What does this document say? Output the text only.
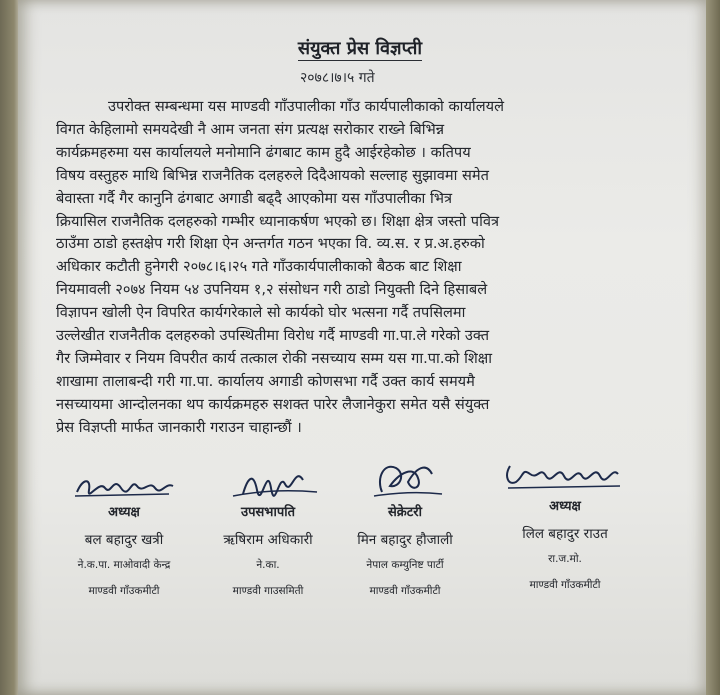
संयुक्त प्रेस विज्ञप्ती
२०७८।७।५ गते
उपरोक्त सम्बन्धमा यस माण्डवी गाँउपालीका गाँउ कार्यपालीकाको कार्यालयले
विगत केहिलामो समयदेखी नै आम जनता संग प्रत्यक्ष सरोकार राख्ने बिभिन्न
कार्यक्रमहरुमा यस कार्यालयले मनोमानि ढंगबाट काम हुदै आईरहेकोछ । कतिपय
विषय वस्तुहरु माथि बिभिन्न राजनैतिक दलहरुले दिदैआयको सल्लाह सुझावमा समेत
बेवास्ता गर्दै गैर कानुनि ढंगबाट अगाडी बढ्दै आएकोमा यस गाँउपालीका भित्र
क्रियासिल राजनैतिक दलहरुको गम्भीर ध्यानाकर्षण भएको छ। शिक्षा क्षेत्र जस्तो पवित्र
ठाउँमा ठाडो हस्तक्षेप गरी शिक्षा ऐन अन्तर्गत गठन भएका वि. व्य.स. र प्र.अ.हरुको
अधिकार कटौती हुनेगरी २०७८।६।२५ गते गाँउकार्यपालीकाको बैठक बाट शिक्षा
नियमावली २०७४ नियम ५४ उपनियम १,२ संसोधन गरी ठाडो नियुक्ती दिने हिसाबले
विज्ञापन खोली ऐन विपरित कार्यगरेकाले सो कार्यको घोर भत्सना गर्दै तपसिलमा
उल्लेखीत राजनैतीक दलहरुको उपस्थितीमा विरोध गर्दै माण्डवी गा.पा.ले गरेको उक्त
गैर जिम्मेवार र नियम विपरीत कार्य तत्काल रोकी नसच्याय सम्म यस गा.पा.को शिक्षा
शाखामा तालाबन्दी गरी गा.पा. कार्यालय अगाडी कोणसभा गर्दै उक्त कार्य समयमै
नसच्यायमा आन्दोलनका थप कार्यक्रमहरु सशक्त पारेर लैजानेकुरा समेत यसै संयुक्त
प्रेस विज्ञप्ती मार्फत जानकारी गराउन चाहान्छौं ।
अध्यक्ष
बल बहादुर खत्री
ने.क.पा. माओवादी केन्द्र
माण्डवी गाँउकमीटी
उपसभापति
ऋषिराम अधिकारी
ने.का.
माण्डवी गाउसमिती
सेक्रेटरी
मिन बहादुर हौजाली
नेपाल कम्युनिष्ट पार्टी
माण्डवी गाँउकमीटी
अध्यक्ष
लिल बहादुर राउत
रा.ज.मो.
माण्डवी गाँउकमीटी
